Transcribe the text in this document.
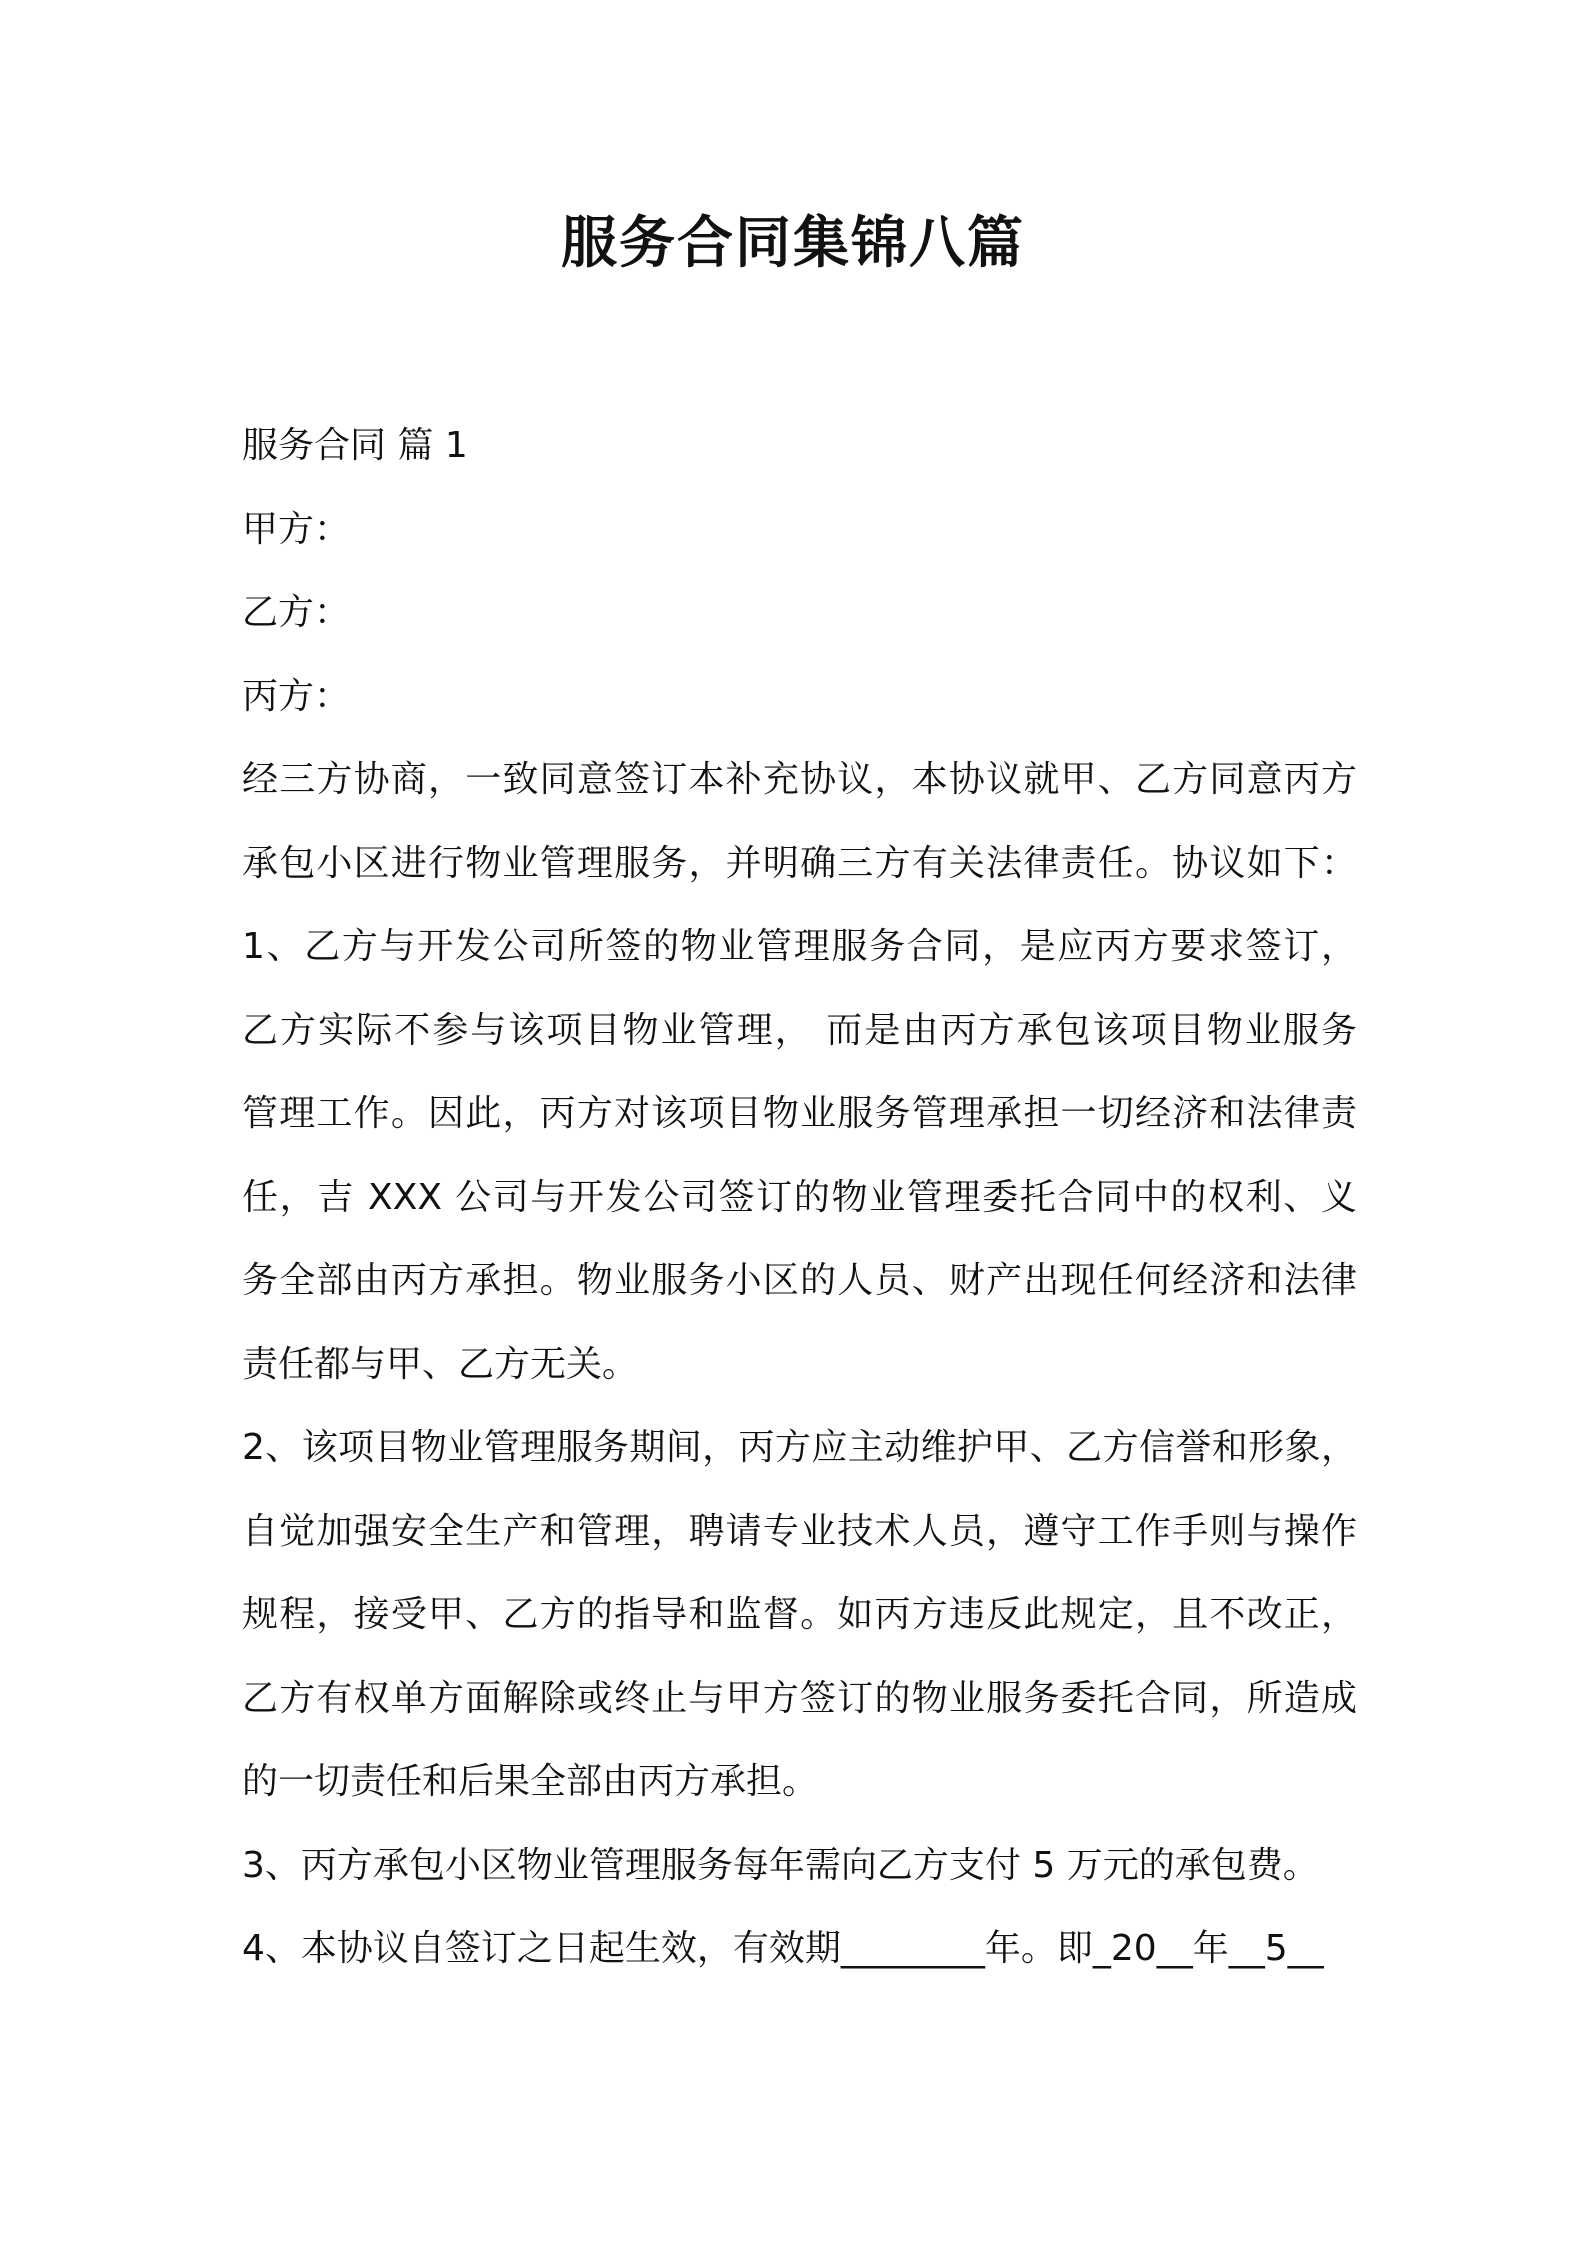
服务合同集锦八篇
服务合同 篇 1
甲方：
乙方：
丙方：
经三方协商，一致同意签订本补充协议，本协议就甲、乙方同意丙方
承包小区进行物业管理服务，并明确三方有关法律责任。协议如下：
1、乙方与开发公司所签的物业管理服务合同，是应丙方要求签订，
乙方实际不参与该项目物业管理， 而是由丙方承包该项目物业服务
管理工作。因此，丙方对该项目物业服务管理承担一切经济和法律责
任，吉 XXX 公司与开发公司签订的物业管理委托合同中的权利、义
务全部由丙方承担。物业服务小区的人员、财产出现任何经济和法律
责任都与甲、乙方无关。
2、该项目物业管理服务期间，丙方应主动维护甲、乙方信誉和形象，
自觉加强安全生产和管理，聘请专业技术人员，遵守工作手则与操作
规程，接受甲、乙方的指导和监督。如丙方违反此规定，且不改正，
乙方有权单方面解除或终止与甲方签订的物业服务委托合同，所造成
的一切责任和后果全部由丙方承担。
3、丙方承包小区物业管理服务每年需向乙方支付 5 万元的承包费。
4、本协议自签订之日起生效，有效期________年。即_20__年__5__
